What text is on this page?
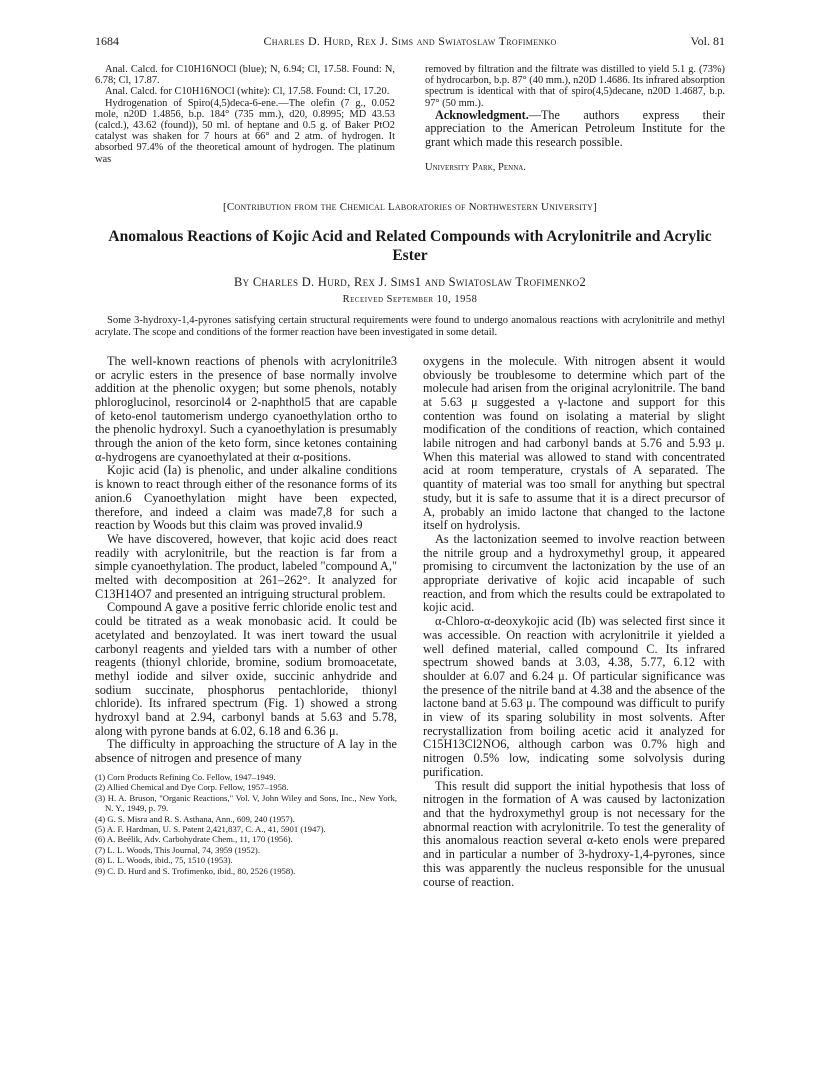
1684	Charles D. Hurd, Rex J. Sims and Swiatoslaw Trofimenko	Vol. 81

Anal. Calcd. for C10H16NOCl (blue); N, 6.94; Cl, 17.58. Found: N, 6.78; Cl, 17.87.

Anal. Calcd. for C10H16NOCl (white): Cl, 17.58. Found: Cl, 17.20.

Hydrogenation of Spiro(4,5)deca-6-ene.—The olefin (7 g., 0.052 mole, n20D 1.4856, b.p. 184° (735 mm.), d20, 0.8995; MD 43.53 (calcd.), 43.62 (found)), 50 ml. of heptane and 0.5 g. of Baker PtO2 catalyst was shaken for 7 hours at 66° and 2 atm. of hydrogen. It absorbed 97.4% of the theoretical amount of hydrogen. The platinum was

removed by filtration and the filtrate was distilled to yield 5.1 g. (73%) of hydrocarbon, b.p. 87° (40 mm.), n20D 1.4686. Its infrared absorption spectrum is identical with that of spiro(4,5)decane, n20D 1.4687, b.p. 97° (50 mm.).

Acknowledgment.—The authors express their appreciation to the American Petroleum Institute for the grant which made this research possible.

University Park, Penna.

[Contribution from the Chemical Laboratories of Northwestern University]
Anomalous Reactions of Kojic Acid and Related Compounds with Acrylonitrile and Acrylic Ester
By Charles D. Hurd, Rex J. Sims1 and Swiatoslaw Trofimenko2
Received September 10, 1958
Some 3-hydroxy-1,4-pyrones satisfying certain structural requirements were found to undergo anomalous reactions with acrylonitrile and methyl acrylate. The scope and conditions of the former reaction have been investigated in some detail.

The well-known reactions of phenols with acrylonitrile3 or acrylic esters in the presence of base normally involve addition at the phenolic oxygen; but some phenols, notably phloroglucinol, resorcinol4 or 2-naphthol5 that are capable of keto-enol tautomerism undergo cyanoethylation ortho to the phenolic hydroxyl. Such a cyanoethylation is presumably through the anion of the keto form, since ketones containing α-hydrogens are cyanoethylated at their α-positions.

Kojic acid (Ia) is phenolic, and under alkaline conditions is known to react through either of the resonance forms of its anion.6 Cyanoethylation might have been expected, therefore, and indeed a claim was made7,8 for such a reaction by Woods but this claim was proved invalid.9

We have discovered, however, that kojic acid does react readily with acrylonitrile, but the reaction is far from a simple cyanoethylation. The product, labeled "compound A," melted with decomposition at 261–262°. It analyzed for C13H14O7 and presented an intriguing structural problem.

Compound A gave a positive ferric chloride enolic test and could be titrated as a weak monobasic acid. It could be acetylated and benzoylated. It was inert toward the usual carbonyl reagents and yielded tars with a number of other reagents (thionyl chloride, bromine, sodium bromoacetate, methyl iodide and silver oxide, succinic anhydride and sodium succinate, phosphorus pentachloride, thionyl chloride). Its infrared spectrum (Fig. 1) showed a strong hydroxyl band at 2.94, carbonyl bands at 5.63 and 5.78, along with pyrone bands at 6.02, 6.18 and 6.36 μ.

The difficulty in approaching the structure of A lay in the absence of nitrogen and presence of many

(1) Corn Products Refining Co. Fellow, 1947–1949.
(2) Allied Chemical and Dye Corp. Fellow, 1957–1958.
(3) H. A. Bruson, "Organic Reactions," Vol. V, John Wiley and Sons, Inc., New York, N. Y., 1949, p. 79.
(4) G. S. Misra and R. S. Asthana, Ann., 609, 240 (1957).
(5) A. F. Hardman, U. S. Patent 2,421,837, C. A., 41, 5901 (1947).
(6) A. Beélik, Adv. Carbohydrate Chem., 11, 170 (1956).
(7) L. L. Woods, This Journal, 74, 3959 (1952).
(8) L. L. Woods, ibid., 75, 1510 (1953).
(9) C. D. Hurd and S. Trofimenko, ibid., 80, 2526 (1958).

oxygens in the molecule. With nitrogen absent it would obviously be troublesome to determine which part of the molecule had arisen from the original acrylonitrile. The band at 5.63 μ suggested a γ-lactone and support for this contention was found on isolating a material by slight modification of the conditions of reaction, which contained labile nitrogen and had carbonyl bands at 5.76 and 5.93 μ. When this material was allowed to stand with concentrated acid at room temperature, crystals of A separated. The quantity of material was too small for anything but spectral study, but it is safe to assume that it is a direct precursor of A, probably an imido lactone that changed to the lactone itself on hydrolysis.

As the lactonization seemed to involve reaction between the nitrile group and a hydroxymethyl group, it appeared promising to circumvent the lactonization by the use of an appropriate derivative of kojic acid incapable of such reaction, and from which the results could be extrapolated to kojic acid.

α-Chloro-α-deoxykojic acid (Ib) was selected first since it was accessible. On reaction with acrylonitrile it yielded a well defined material, called compound C. Its infrared spectrum showed bands at 3.03, 4.38, 5.77, 6.12 with shoulder at 6.07 and 6.24 μ. Of particular significance was the presence of the nitrile band at 4.38 and the absence of the lactone band at 5.63 μ. The compound was difficult to purify in view of its sparing solubility in most solvents. After recrystallization from boiling acetic acid it analyzed for C15H13Cl2NO6, although carbon was 0.7% high and nitrogen 0.5% low, indicating some solvolysis during purification.

This result did support the initial hypothesis that loss of nitrogen in the formation of A was caused by lactonization and that the hydroxymethyl group is not necessary for the abnormal reaction with acrylonitrile. To test the generality of this anomalous reaction several α-keto enols were prepared and in particular a number of 3-hydroxy-1,4-pyrones, since this was apparently the nucleus responsible for the unusual course of reaction.
